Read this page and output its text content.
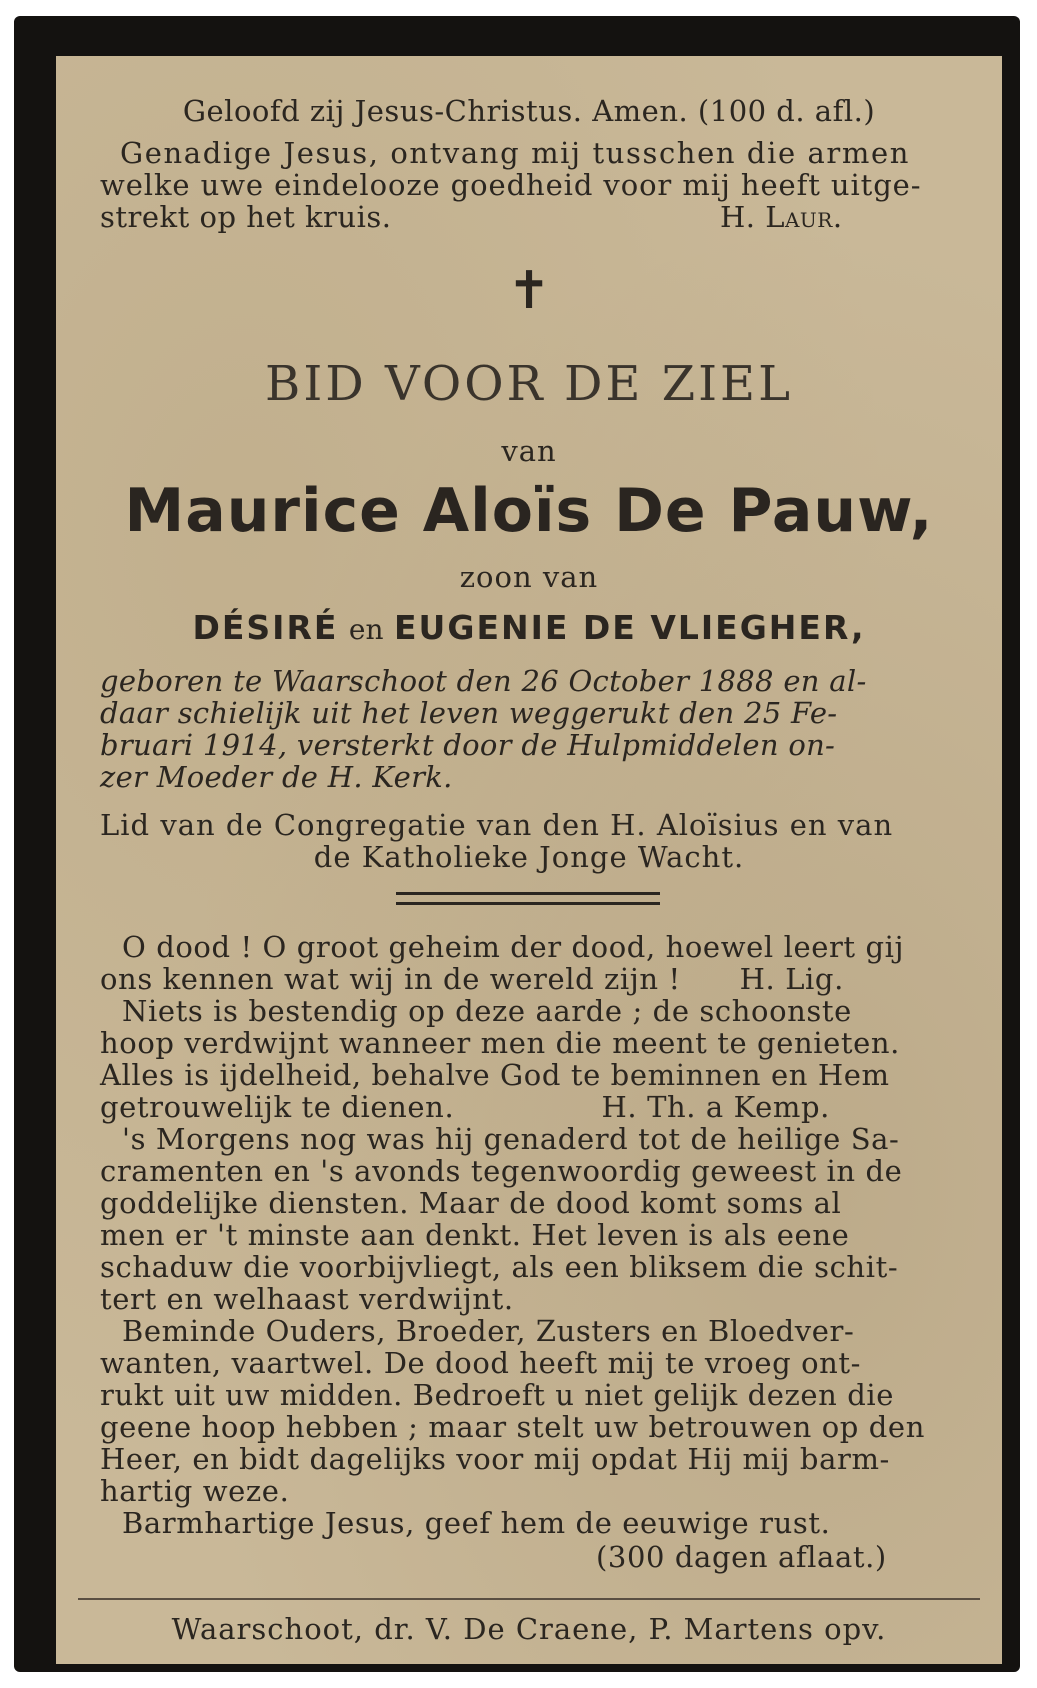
Geloofd zij Jesus-Christus. Amen. (100 d. afl.)
Genadige Jesus, ontvang mij tusschen die armen
welke uwe eindelooze goedheid voor mij heeft uitge-
strekt op het kruis.	H. Laur.
✝
BID VOOR DE ZIEL
van
Maurice Aloïs De Pauw,
zoon van
DÉSIRÉ en EUGENIE DE VLIEGHER,
geboren te Waarschoot den 26 October 1888 en al-
daar schielijk uit het leven weggerukt den 25 Fe-
bruari 1914, versterkt door de Hulpmiddelen on-
zer Moeder de H. Kerk.
Lid van de Congregatie van den H. Aloïsius en van
de Katholieke Jonge Wacht.
O dood ! O groot geheim der dood, hoewel leert gij
ons kennen wat wij in de wereld zijn !      H. Lig.
Niets is bestendig op deze aarde ; de schoonste
hoop verdwijnt wanneer men die meent te genieten.
Alles is ijdelheid, behalve God te beminnen en Hem
getrouwelijk te dienen.               H. Th. a Kemp.
's Morgens nog was hij genaderd tot de heilige Sa-
cramenten en 's avonds tegenwoordig geweest in de
goddelijke diensten. Maar de dood komt soms al
men er 't minste aan denkt. Het leven is als eene
schaduw die voorbijvliegt, als een bliksem die schit-
tert en welhaast verdwijnt.
Beminde Ouders, Broeder, Zusters en Bloedver-
wanten, vaartwel. De dood heeft mij te vroeg ont-
rukt uit uw midden. Bedroeft u niet gelijk dezen die
geene hoop hebben ; maar stelt uw betrouwen op den
Heer, en bidt dagelijks voor mij opdat Hij mij barm-
hartig weze.
Barmhartige Jesus, geef hem de eeuwige rust.
(300 dagen aflaat.)
Waarschoot, dr. V. De Craene, P. Martens opv.
